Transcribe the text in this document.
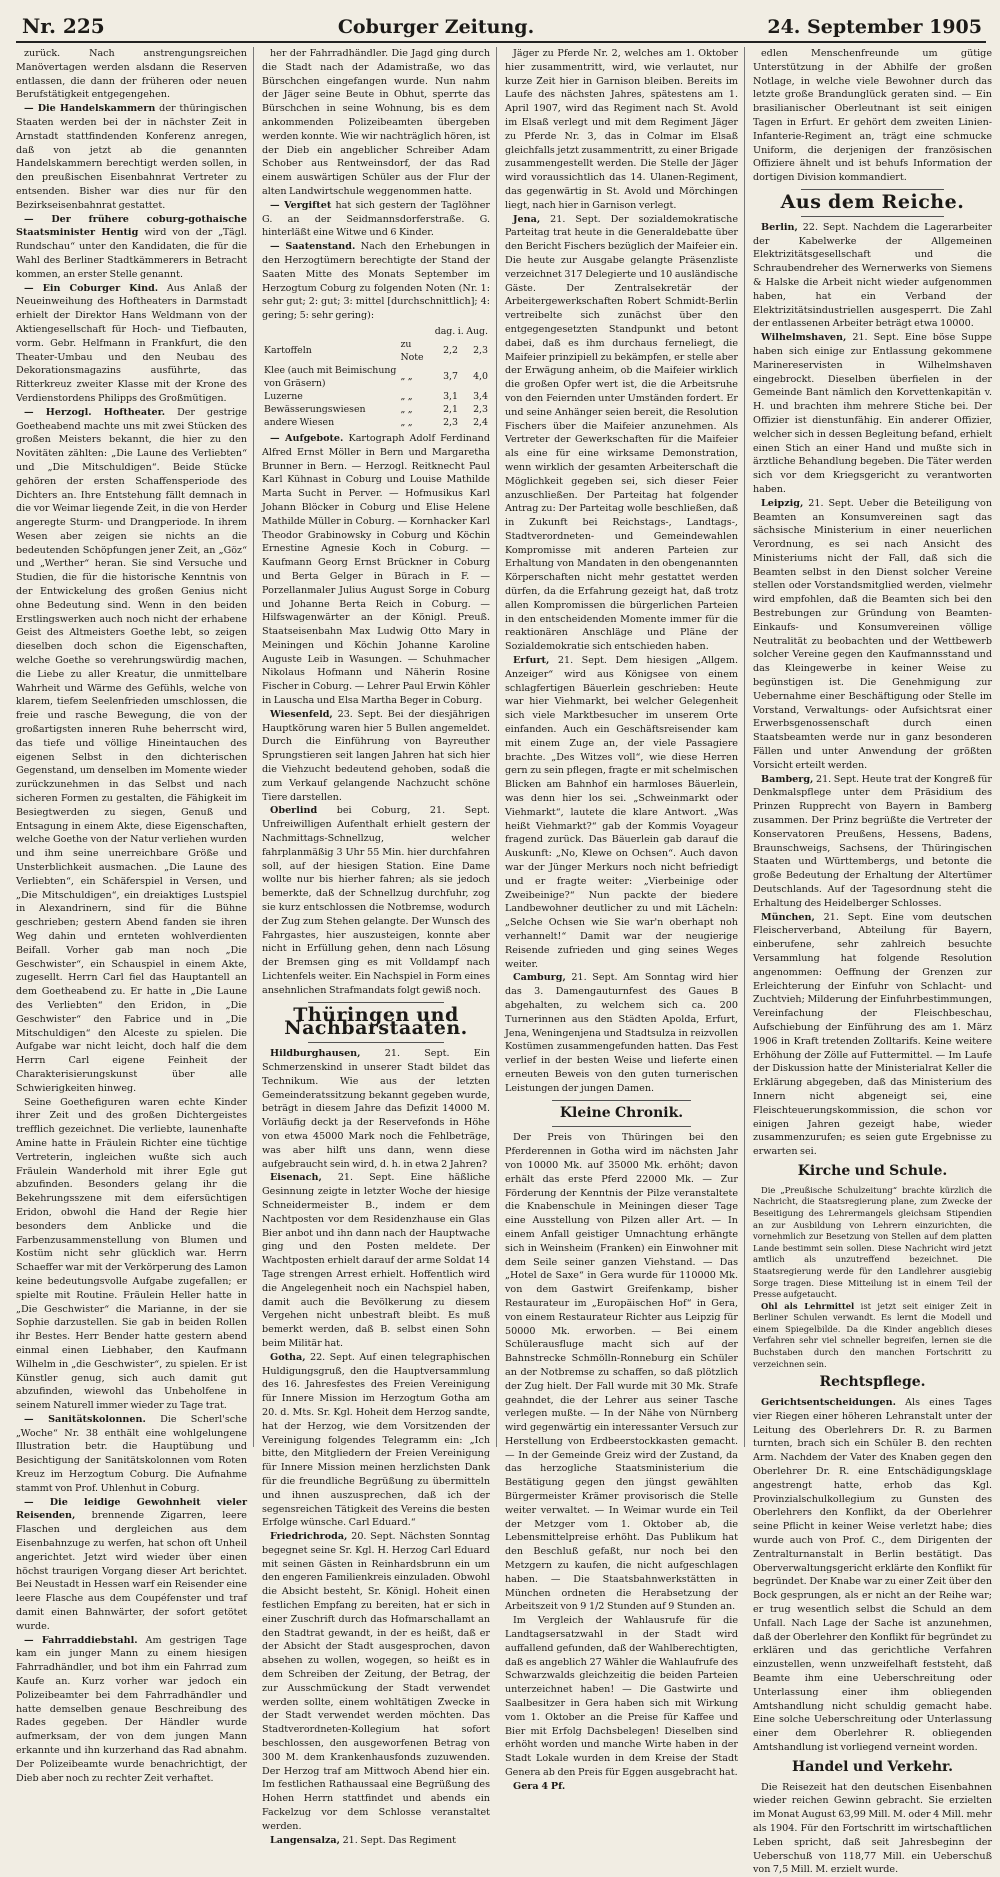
Nr. 225	Coburger Zeitung.	24. September 1905

zurück. Nach anstrengungsreichen Manövertagen werden alsdann die Reserven entlassen, die dann der früheren oder neuen Berufstätigkeit entgegengehen.

— Die Handelskammern der thüringischen Staaten werden bei der in nächster Zeit in Arnstadt stattfindenden Konferenz anregen, daß von jetzt ab die genannten Handelskammern berechtigt werden sollen, in den preußischen Eisenbahnrat Vertreter zu entsenden. Bisher war dies nur für den Bezirkseisenbahnrat gestattet.

— Der frühere coburg-gothaische Staatsminister Hentig wird von der „Tägl. Rundschau“ unter den Kandidaten, die für die Wahl des Berliner Stadtkämmerers in Betracht kommen, an erster Stelle genannt.

— Ein Coburger Kind. Aus Anlaß der Neueinweihung des Hoftheaters in Darmstadt erhielt der Direktor Hans Weldmann von der Aktiengesellschaft für Hoch- und Tiefbauten, vorm. Gebr. Helfmann in Frankfurt, die den Theater-Umbau und den Neubau des Dekorationsmagazins ausführte, das Ritterkreuz zweiter Klasse mit der Krone des Verdienstordens Philipps des Großmütigen.

— Herzogl. Hoftheater. Der gestrige Goetheabend machte uns mit zwei Stücken des großen Meisters bekannt, die hier zu den Novitäten zählten: „Die Laune des Verliebten“ und „Die Mitschuldigen“. Beide Stücke gehören der ersten Schaffensperiode des Dichters an. Ihre Entstehung fällt demnach in die vor Weimar liegende Zeit, in die von Herder angeregte Sturm- und Drangperiode. In ihrem Wesen aber zeigen sie nichts an die bedeutenden Schöpfungen jener Zeit, an „Göz“ und „Werther“ heran. Sie sind Versuche und Studien, die für die historische Kenntnis von der Entwickelung des großen Genius nicht ohne Bedeutung sind. Wenn in den beiden Erstlingswerken auch noch nicht der erhabene Geist des Altmeisters Goethe lebt, so zeigen dieselben doch schon die Eigenschaften, welche Goethe so verehrungswürdig machen, die Liebe zu aller Kreatur, die unmittelbare Wahrheit und Wärme des Gefühls, welche von klarem, tiefem Seelenfrieden umschlossen, die freie und rasche Bewegung, die von der großartigsten inneren Ruhe beherrscht wird, das tiefe und völlige Hineintauchen des eigenen Selbst in den dichterischen Gegenstand, um denselben im Momente wieder zurückzunehmen in das Selbst und nach sicheren Formen zu gestalten, die Fähigkeit im Besiegtwerden zu siegen, Genuß und Entsagung in einem Akte, diese Eigenschaften, welche Goethe von der Natur verliehen wurden und ihm seine unerreichbare Größe und Unsterblichkeit ausmachen. „Die Laune des Verliebten“, ein Schäferspiel in Versen, und „Die Mitschuldigen“, ein dreiaktiges Lustspiel in Alexandrinern, sind für die Bühne geschrieben; gestern Abend fanden sie ihren Weg dahin und ernteten wohlverdienten Beifall. Vorher gab man noch „Die Geschwister“, ein Schauspiel in einem Akte, zugesellt. Herrn Carl fiel das Hauptantell an dem Goetheabend zu. Er hatte in „Die Laune des Verliebten“ den Eridon, in „Die Geschwister“ den Fabrice und in „Die Mitschuldigen“ den Alceste zu spielen. Die Aufgabe war nicht leicht, doch half die dem Herrn Carl eigene Feinheit der Charakterisierungskunst über alle Schwierigkeiten hinweg.

Seine Goethefiguren waren echte Kinder ihrer Zeit und des großen Dichtergeistes trefflich gezeichnet. Die verliebte, launenhafte Amine hatte in Fräulein Richter eine tüchtige Vertreterin, ingleichen wußte sich auch Fräulein Wanderhold mit ihrer Egle gut abzufinden. Besonders gelang ihr die Bekehrungsszene mit dem eifersüchtigen Eridon, obwohl die Hand der Regie hier besonders dem Anblicke und die Farbenzusammenstellung von Blumen und Kostüm nicht sehr glücklich war. Herrn Schaeffer war mit der Verkörperung des Lamon keine bedeutungsvolle Aufgabe zugefallen; er spielte mit Routine. Fräulein Heller hatte in „Die Geschwister“ die Marianne, in der sie Sophie darzustellen. Sie gab in beiden Rollen ihr Bestes. Herr Bender hatte gestern abend einmal einen Liebhaber, den Kaufmann Wilhelm in „die Geschwister“, zu spielen. Er ist Künstler genug, sich auch damit gut abzufinden, wiewohl das Unbeholfene in seinem Naturell immer wieder zu Tage trat.

— Sanitätskolonnen. Die Scherl'sche „Woche“ Nr. 38 enthält eine wohlgelungene Illustration betr. die Hauptübung und Besichtigung der Sanitätskolonnen vom Roten Kreuz im Herzogtum Coburg. Die Aufnahme stammt von Prof. Uhlenhut in Coburg.

— Die leidige Gewohnheit vieler Reisenden, brennende Zigarren, leere Flaschen und dergleichen aus dem Eisenbahnzuge zu werfen, hat schon oft Unheil angerichtet. Jetzt wird wieder über einen höchst traurigen Vorgang dieser Art berichtet. Bei Neustadt in Hessen warf ein Reisender eine leere Flasche aus dem Coupéfenster und traf damit einen Bahnwärter, der sofort getötet wurde.

— Fahrraddiebstahl. Am gestrigen Tage kam ein junger Mann zu einem hiesigen Fahrradhändler, und bot ihm ein Fahrrad zum Kaufe an. Kurz vorher war jedoch ein Polizeibeamter bei dem Fahrradhändler und hatte demselben genaue Beschreibung des Rades gegeben. Der Händler wurde aufmerksam, der von dem jungen Mann erkannte und ihn kurzerhand das Rad abnahm. Der Polizeibeamte wurde benachrichtigt, der Dieb aber noch zu rechter Zeit verhaftet.

her der Fahrradhändler. Die Jagd ging durch die Stadt nach der Adamistraße, wo das Bürschchen eingefangen wurde. Nun nahm der Jäger seine Beute in Obhut, sperrte das Bürschchen in seine Wohnung, bis es dem ankommenden Polizeibeamten übergeben werden konnte. Wie wir nachträglich hören, ist der Dieb ein angeblicher Schreiber Adam Schober aus Rentweinsdorf, der das Rad einem auswärtigen Schüler aus der Flur der alten Landwirtschule weggenommen hatte.

— Vergiftet hat sich gestern der Taglöhner G. an der Seidmannsdorferstraße. G. hinterläßt eine Witwe und 6 Kinder.

— Saatenstand. Nach den Erhebungen in den Herzogtümern berechtigte der Stand der Saaten Mitte des Monats September im Herzogtum Coburg zu folgenden Noten (Nr. 1: sehr gut; 2: gut; 3: mittel [durchschnittlich]; 4: gering; 5: sehr gering):

		dag. i. Aug.	
Kartoffeln	zu Note	2,2	2,3
Klee (auch mit Beimischung von Gräsern)	„ „	3,7	4,0
Luzerne	„ „	3,1	3,4
Bewässerungswiesen	„ „	2,1	2,3
andere Wiesen	„ „	2,3	2,4

— Aufgebote. Kartograph Adolf Ferdinand Alfred Ernst Möller in Bern und Margaretha Brunner in Bern. — Herzogl. Reitknecht Paul Karl Kühnast in Coburg und Louise Mathilde Marta Sucht in Perver. — Hofmusikus Karl Johann Blöcker in Coburg und Elise Helene Mathilde Müller in Coburg. — Kornhacker Karl Theodor Grabinowsky in Coburg und Köchin Ernestine Agnesie Koch in Coburg. — Kaufmann Georg Ernst Brückner in Coburg und Berta Gelger in Bürach in F. — Porzellanmaler Julius August Sorge in Coburg und Johanne Berta Reich in Coburg. — Hilfswagenwärter an der Königl. Preuß. Staatseisenbahn Max Ludwig Otto Mary in Meiningen und Köchin Johanne Karoline Auguste Leib in Wasungen. — Schuhmacher Nikolaus Hofmann und Näherin Rosine Fischer in Coburg. — Lehrer Paul Erwin Köhler in Lauscha und Elsa Martha Beger in Coburg.

Wiesenfeld, 23. Sept. Bei der diesjährigen Hauptkörung waren hier 5 Bullen angemeldet. Durch die Einführung von Bayreuther Sprungstieren seit langen Jahren hat sich hier die Viehzucht bedeutend gehoben, sodaß die zum Verkauf gelangende Nachzucht schöne Tiere darstellen.

Oberlind bei Coburg, 21. Sept. Unfreiwilligen Aufenthalt erhielt gestern der Nachmittags-Schnellzug, welcher fahrplanmäßig 3 Uhr 55 Min. hier durchfahren soll, auf der hiesigen Station. Eine Dame wollte nur bis hierher fahren; als sie jedoch bemerkte, daß der Schnellzug durchfuhr, zog sie kurz entschlossen die Notbremse, wodurch der Zug zum Stehen gelangte. Der Wunsch des Fahrgastes, hier auszusteigen, konnte aber nicht in Erfüllung gehen, denn nach Lösung der Bremsen ging es mit Volldampf nach Lichtenfels weiter. Ein Nachspiel in Form eines ansehnlichen Strafmandats folgt gewiß noch.

Thüringen und Nachbarstaaten.

Hildburghausen,	21. Sept. Ein Schmerzenskind in unserer Stadt bildet das Technikum. Wie aus der letzten Gemeinderatssitzung bekannt gegeben wurde, beträgt in diesem Jahre das Defizit 14000 M. Vorläufig deckt ja der Reservefonds in Höhe von etwa 45000 Mark noch die Fehlbeträge, was aber hilft uns dann, wenn diese aufgebraucht sein wird, d. h. in etwa 2 Jahren?

Eisenach, 21. Sept. Eine häßliche Gesinnung zeigte in letzter Woche der hiesige Schneidermeister B., indem er dem Nachtposten vor dem Residenzhause ein Glas Bier anbot und ihn dann nach der Hauptwache ging und den Posten meldete. Der Wachtposten erhielt darauf der arme Soldat 14 Tage strengen Arrest erhielt. Hoffentlich wird die Angelegenheit noch ein Nachspiel haben, damit auch die Bevölkerung zu diesem Vergehen nicht unbestraft bleibt. Es muß bemerkt werden, daß B. selbst einen Sohn beim Militär hat.

Gotha, 22. Sept. Auf einen telegraphischen Huldigungsgruß, den die Hauptversammlung des 16. Jahresfestes des Freien Vereinigung für Innere Mission im Herzogtum Gotha am 20. d. Mts. Sr. Kgl. Hoheit dem Herzog sandte, hat der Herzog, wie dem Vorsitzenden der Vereinigung folgendes Telegramm ein: „Ich bitte, den Mitgliedern der Freien Vereinigung für Innere Mission meinen herzlichsten Dank für die freundliche Begrüßung zu übermitteln und ihnen auszusprechen, daß ich der segensreichen Tätigkeit des Vereins die besten Erfolge wünsche. Carl Eduard.“

Friedrichroda, 20. Sept. Nächsten Sonntag begegnet seine Sr. Kgl. H. Herzog Carl Eduard mit seinen Gästen in Reinhardsbrunn ein um den engeren Familienkreis einzuladen. Obwohl die Absicht besteht, Sr. Königl. Hoheit einen festlichen Empfang zu bereiten, hat er sich in einer Zuschrift durch das Hofmarschallamt an den Stadtrat gewandt, in der es heißt, daß er der Absicht der Stadt ausgesprochen, davon absehen zu wollen, wogegen, so heißt es in dem Schreiben der Zeitung, der Betrag, der zur Ausschmückung der Stadt verwendet werden sollte, einem wohltätigen Zwecke in der Stadt verwendet werden möchten. Das Stadtverordneten-Kollegium hat sofort beschlossen, den ausgeworfenen Betrag von 300 M. dem Krankenhausfonds zuzuwenden. Der Herzog traf am Mittwoch Abend hier ein. Im festlichen Rathaussaal eine Begrüßung des Hohen Herrn stattfindet und abends ein Fackelzug vor dem Schlosse veranstaltet werden.

Langensalza, 21. Sept. Das Regiment

Jäger zu Pferde Nr. 2, welches am 1. Oktober hier zusammentritt, wird, wie verlautet, nur kurze Zeit hier in Garnison bleiben. Bereits im Laufe des nächsten Jahres, spätestens am 1. April 1907, wird das Regiment nach St. Avold im Elsaß verlegt und mit dem Regiment Jäger zu Pferde Nr. 3, das in Colmar im Elsaß gleichfalls jetzt zusammentritt, zu einer Brigade zusammengestellt werden. Die Stelle der Jäger wird voraussichtlich das 14. Ulanen-Regiment, das gegenwärtig in St. Avold und Mörchingen liegt, nach hier in Garnison verlegt.

Jena, 21. Sept. Der sozialdemokratische Parteitag trat heute in die Generaldebatte über den Bericht Fischers bezüglich der Maifeier ein. Die heute zur Ausgabe gelangte Präsenzliste verzeichnet 317 Delegierte und 10 ausländische Gäste. Der Zentralsekretär der Arbeitergewerkschaften Robert Schmidt-Berlin vertreibelte sich zunächst über den entgegengesetzten Standpunkt und betont dabei, daß es ihm durchaus ferneliegt, die Maifeier prinzipiell zu bekämpfen, er stelle aber der Erwägung anheim, ob die Maifeier wirklich die großen Opfer wert ist, die die Arbeitsruhe von den Feiernden unter Umständen fordert. Er und seine Anhänger seien bereit, die Resolution Fischers über die Maifeier anzunehmen. Als Vertreter der Gewerkschaften für die Maifeier als eine für eine wirksame Demonstration, wenn wirklich der gesamten Arbeiterschaft die Möglichkeit gegeben sei, sich dieser Feier anzuschließen. Der Parteitag hat folgender Antrag zu: Der Parteitag wolle beschließen, daß in Zukunft bei Reichstags-, Landtags-, Stadtverordneten- und Gemeindewahlen Kompromisse mit anderen Parteien zur Erhaltung von Mandaten in den obengenannten Körperschaften nicht mehr gestattet werden dürfen, da die Erfahrung gezeigt hat, daß trotz allen Kompromissen die bürgerlichen Parteien in den entscheidenden Momente immer für die reaktionären Anschläge und Pläne der Sozialdemokratie sich entschieden haben.

Erfurt, 21. Sept. Dem hiesigen „Allgem. Anzeiger“ wird aus Königsee von einem schlagfertigen Bäuerlein geschrieben: Heute war hier Viehmarkt, bei welcher Gelegenheit sich viele Marktbesucher im unserem Orte einfanden. Auch ein Geschäftsreisender kam mit einem Zuge an, der viele Passagiere brachte. „Des Witzes voll“, wie diese Herren gern zu sein pflegen, fragte er mit schelmischen Blicken am Bahnhof ein harmloses Bäuerlein, was denn hier los sei. „Schweinmarkt oder Viehmarkt“, lautete die klare Antwort. „Was heißt Viehmarkt?“ gab der Kommis Voyageur fragend zurück. Das Bäuerlein gab darauf die Auskunft: „No, Klewe on Ochsen“. Auch davon war der Jünger Merkurs noch nicht befriedigt und er fragte weiter: „Vierbeinige oder Zweibeinige?“ Nun packte der biedere Landbewohner deutlicher zu und mit Lächeln: „Selche Ochsen wie Sie war'n oberhapt noh verhannelt!“ Damit war der neugierige Reisende zufrieden und ging seines Weges weiter.

Camburg, 21. Sept. Am Sonntag wird hier das 3. Damengauturnfest des Gaues B abgehalten, zu welchem sich ca. 200 Turnerinnen aus den Städten Apolda, Erfurt, Jena, Weningenjena und Stadtsulza in reizvollen Kostümen zusammengefunden hatten. Das Fest verlief in der besten Weise und lieferte einen erneuten Beweis von den guten turnerischen Leistungen der jungen Damen.

Kleine Chronik.

Der Preis von Thüringen bei den Pferderennen in Gotha wird im nächsten Jahr von 10000 Mk. auf 35000 Mk. erhöht; davon erhält das erste Pferd 22000 Mk. — Zur Förderung der Kenntnis der Pilze veranstaltete die Knabenschule in Meiningen dieser Tage eine Ausstellung von Pilzen aller Art. — In einem Anfall geistiger Umnachtung erhängte sich in Weinsheim (Franken) ein Einwohner mit dem Seile seiner ganzen Viehstand. — Das „Hotel de Saxe“ in Gera wurde für 110000 Mk. von dem Gastwirt Greifenkamp, bisher Restaurateur im „Europäischen Hof“ in Gera, von einem Restaurateur Richter aus Leipzig für 50000 Mk. erworben. — Bei einem Schülerausfluge macht sich auf der Bahnstrecke Schmölln-Ronneburg ein Schüler an der Notbremse zu schaffen, so daß plötzlich der Zug hielt. Der Fall wurde mit 30 Mk. Strafe geahndet, die der Lehrer aus seiner Tasche verlegen mußte. — In der Nähe von Nürnberg wird gegenwärtig ein interessanter Versuch zur Herstellung von Erdbeerstockkasten gemacht. — In der Gemeinde Greiz wird der Zustand, da das herzogliche Staatsministerium die Bestätigung gegen den jüngst gewählten Bürgermeister Krämer provisorisch die Stelle weiter verwaltet. — In Weimar wurde ein Teil der Metzger vom 1. Oktober ab, die Lebensmittelpreise erhöht. Das Publikum hat den Beschluß gefaßt, nur noch bei den Metzgern zu kaufen, die nicht aufgeschlagen haben. — Die Staatsbahnwerkstätten in München ordneten die Herabsetzung der Arbeitszeit von 9 1/2 Stunden auf 9 Stunden an.

Im Vergleich der Wahlausrufe für die Landtagsersatzwahl in der Stadt wird auffallend gefunden, daß der Wahlberechtigten, daß es angeblich 27 Wähler die Wahlaufrufe des Schwarzwalds gleichzeitig die beiden Parteien unterzeichnet haben! — Die Gastwirte und Saalbesitzer in Gera haben sich mit Wirkung vom 1. Oktober an die Preise für Kaffee und Bier mit Erfolg Dachsbelegen! Dieselben sind erhöht worden und manche Wirte haben in der Stadt Lokale wurden in dem Kreise der Stadt Genera ab den Preis für Eggen ausgebracht hat.

Gera 4 Pf.

edlen Menschenfreunde um gütige Unterstützung in der Abhilfe der großen Notlage, in welche viele Bewohner durch das letzte große Brandunglück geraten sind. — Ein brasilianischer Oberleutnant ist seit einigen Tagen in Erfurt. Er gehört dem zweiten Linien-Infanterie-Regiment an, trägt eine schmucke Uniform, die derjenigen der französischen Offiziere ähnelt und ist behufs Information der dortigen Division kommandiert.

Aus dem Reiche.

Berlin, 22. Sept. Nachdem die Lagerarbeiter der Kabelwerke der Allgemeinen Elektrizitätsgesellschaft und die Schraubendreher des Wernerwerks von Siemens & Halske die Arbeit nicht wieder aufgenommen haben, hat ein Verband der Elektrizitätsindustriellen ausgesperrt. Die Zahl der entlassenen Arbeiter beträgt etwa 10000.

Wilhelmshaven, 21. Sept. Eine böse Suppe haben sich einige zur Entlassung gekommene Marinereservisten in Wilhelmshaven eingebrockt. Dieselben überfielen in der Gemeinde Bant nämlich den Korvettenkapitän v. H. und brachten ihm mehrere Stiche bei. Der Offizier ist dienstunfähig. Ein anderer Offizier, welcher sich in dessen Begleitung befand, erhielt einen Stich an einer Hand und mußte sich in ärztliche Behandlung begeben. Die Täter werden sich vor dem Kriegsgericht zu verantworten haben.

Leipzig, 21. Sept. Ueber die Beteiligung von Beamten an Konsumvereinen sagt das sächsische Ministerium in einer neuerlichen Verordnung, es sei nach Ansicht des Ministeriums nicht der Fall, daß sich die Beamten selbst in den Dienst solcher Vereine stellen oder Vorstandsmitglied werden, vielmehr wird empfohlen, daß die Beamten sich bei den Bestrebungen zur Gründung von Beamten-Einkaufs- und Konsumvereinen völlige Neutralität zu beobachten und der Wettbewerb solcher Vereine gegen den Kaufmannsstand und das Kleingewerbe in keiner Weise zu begünstigen ist. Die Genehmigung zur Uebernahme einer Beschäftigung oder Stelle im Vorstand, Verwaltungs- oder Aufsichtsrat einer Erwerbsgenossenschaft durch einen Staatsbeamten werde nur in ganz besonderen Fällen und unter Anwendung der größten Vorsicht erteilt werden.

Bamberg, 21. Sept. Heute trat der Kongreß für Denkmalspflege unter dem Präsidium des Prinzen Rupprecht von Bayern in Bamberg zusammen. Der Prinz begrüßte die Vertreter der Konservatoren Preußens, Hessens, Badens, Braunschweigs, Sachsens, der Thüringischen Staaten und Württembergs, und betonte die große Bedeutung der Erhaltung der Altertümer Deutschlands. Auf der Tagesordnung steht die Erhaltung des Heidelberger Schlosses.

München, 21. Sept. Eine vom deutschen Fleischerverband, Abteilung für Bayern, einberufene, sehr zahlreich besuchte Versammlung hat folgende Resolution angenommen: Oeffnung der Grenzen zur Erleichterung der Einfuhr von Schlacht- und Zuchtvieh; Milderung der Einfuhrbestimmungen, Vereinfachung der Fleischbeschau, Aufschiebung der Einführung des am 1. März 1906 in Kraft tretenden Zolltarifs. Keine weitere Erhöhung der Zölle auf Futtermittel. — Im Laufe der Diskussion hatte der Ministerialrat Keller die Erklärung abgegeben, daß das Ministerium des Innern nicht abgeneigt sei, eine Fleischteuerungskommission, die schon vor einigen Jahren gezeigt habe, wieder zusammenzurufen; es seien gute Ergebnisse zu erwarten sei.

Kirche und Schule.

Die „Preußische Schulzeitung“ brachte kürzlich die Nachricht, die Staatsregierung plane, zum Zwecke der Beseitigung des Lehrermangels gleichsam Stipendien an zur Ausbildung von Lehrern einzurichten, die vornehmlich zur Besetzung von Stellen auf dem platten Lande bestimmt sein sollen. Diese Nachricht wird jetzt amtlich als unzutreffend bezeichnet. Die Staatsregierung werde für den Landlehrer ausgiebig Sorge tragen. Diese Mitteilung ist in einem Teil der Presse aufgetaucht.

Ohl als Lehrmittel ist jetzt seit einiger Zeit in Berliner Schulen verwandt. Es lernt die Modell und einem Spiegelbilde. Da die Kinder angeblich dieses Verfahren sehr viel schneller begreifen, lernen sie die Buchstaben durch den manchen Fortschritt zu verzeichnen sein.

Rechtspflege.

Gerichtsentscheidungen. Als eines Tages vier Riegen einer höheren Lehranstalt unter der Leitung des Oberlehrers Dr. R. zu Barmen turnten, brach sich ein Schüler B. den rechten Arm. Nachdem der Vater des Knaben gegen den Oberlehrer Dr. R. eine Entschädigungsklage angestrengt hatte, erhob das Kgl. Provinzialschulkollegium zu Gunsten des Oberlehrers den Konflikt, da der Oberlehrer seine Pflicht in keiner Weise verletzt habe; dies wurde auch von Prof. C., dem Dirigenten der Zentralturnanstalt in Berlin bestätigt. Das Oberverwaltungsgericht erklärte den Konflikt für begründet. Der Knabe war zu einer Zeit über den Bock gesprungen, als er nicht an der Reihe war; er trug wesentlich selbst die Schuld an dem Unfall. Nach Lage der Sache ist anzunehmen, daß der Oberlehrer den Konflikt für begründet zu erklären und das gerichtliche Verfahren einzustellen, wenn unzweifelhaft feststeht, daß Beamte ihm eine Ueberschreitung oder Unterlassung einer ihm obliegenden Amtshandlung nicht schuldig gemacht habe. Eine solche Ueberschreitung oder Unterlassung einer dem Oberlehrer R. obliegenden Amtshandlung ist vorliegend verneint worden.

Handel und Verkehr.

Die Reisezeit hat den deutschen Eisenbahnen wieder reichen Gewinn gebracht. Sie erzielten im Monat August 63,99 Mill. M. oder 4 Mill. mehr als 1904. Für den Fortschritt im wirtschaftlichen Leben spricht, daß seit Jahresbeginn der Ueberschuß von 118,77 Mill. ein Ueberschuß von 7,5 Mill. M. erzielt wurde.
